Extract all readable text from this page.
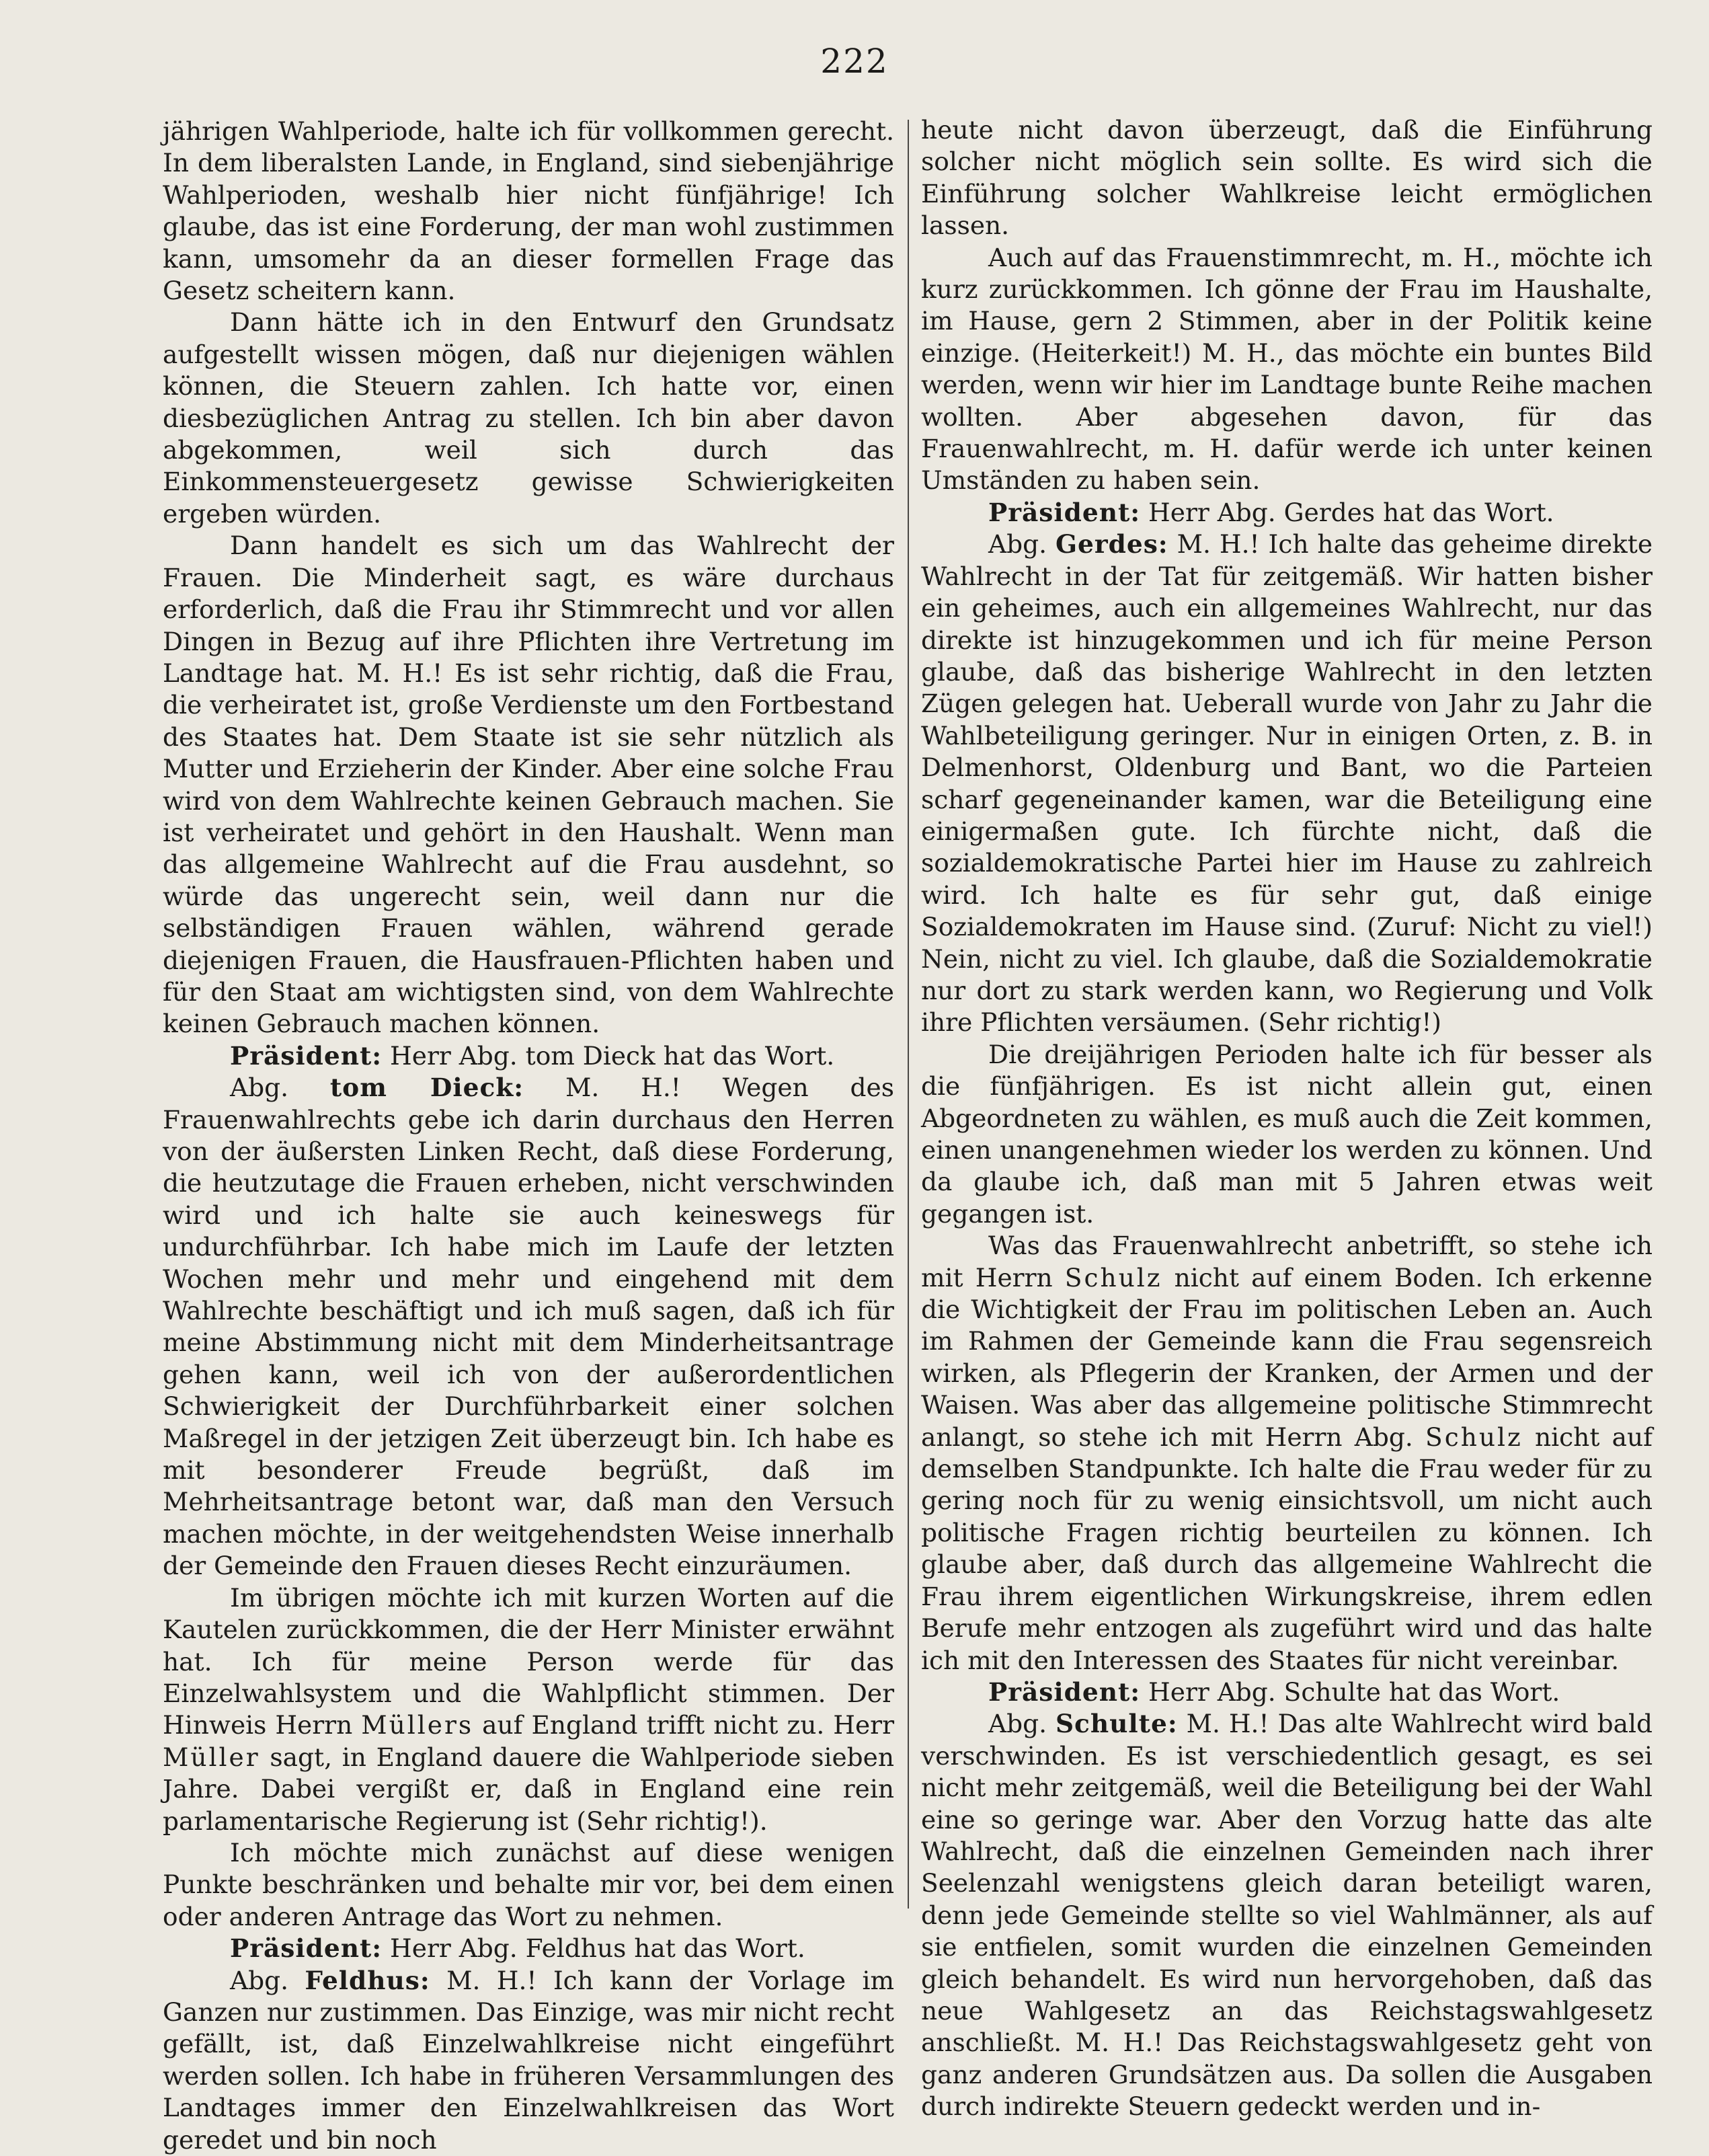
222

jährigen Wahlperiode, halte ich für vollkommen gerecht. In dem liberalsten Lande, in England, sind siebenjährige Wahlperioden, weshalb hier nicht fünfjährige! Ich glaube, das ist eine Forderung, der man wohl zustimmen kann, umsomehr da an dieser formellen Frage das Gesetz scheitern kann.

Dann hätte ich in den Entwurf den Grundsatz aufgestellt wissen mögen, daß nur diejenigen wählen können, die Steuern zahlen. Ich hatte vor, einen diesbezüglichen Antrag zu stellen. Ich bin aber davon abgekommen, weil sich durch das Einkommensteuergesetz gewisse Schwierigkeiten ergeben würden.

Dann handelt es sich um das Wahlrecht der Frauen. Die Minderheit sagt, es wäre durchaus erforderlich, daß die Frau ihr Stimmrecht und vor allen Dingen in Bezug auf ihre Pflichten ihre Vertretung im Landtage hat. M. H.! Es ist sehr richtig, daß die Frau, die verheiratet ist, große Verdienste um den Fortbestand des Staates hat. Dem Staate ist sie sehr nützlich als Mutter und Erzieherin der Kinder. Aber eine solche Frau wird von dem Wahlrechte keinen Gebrauch machen. Sie ist verheiratet und gehört in den Haushalt. Wenn man das allgemeine Wahlrecht auf die Frau ausdehnt, so würde das ungerecht sein, weil dann nur die selbständigen Frauen wählen, während gerade diejenigen Frauen, die Hausfrauen-Pflichten haben und für den Staat am wichtigsten sind, von dem Wahlrechte keinen Gebrauch machen können.

Präsident: Herr Abg. tom Dieck hat das Wort.

Abg. tom Dieck: M. H.! Wegen des Frauenwahlrechts gebe ich darin durchaus den Herren von der äußersten Linken Recht, daß diese Forderung, die heutzutage die Frauen erheben, nicht verschwinden wird und ich halte sie auch keineswegs für undurchführbar. Ich habe mich im Laufe der letzten Wochen mehr und mehr und eingehend mit dem Wahlrechte beschäftigt und ich muß sagen, daß ich für meine Abstimmung nicht mit dem Minderheitsantrage gehen kann, weil ich von der außerordentlichen Schwierigkeit der Durchführbarkeit einer solchen Maßregel in der jetzigen Zeit überzeugt bin. Ich habe es mit besonderer Freude begrüßt, daß im Mehrheitsantrage betont war, daß man den Versuch machen möchte, in der weitgehendsten Weise innerhalb der Gemeinde den Frauen dieses Recht einzuräumen.

Im übrigen möchte ich mit kurzen Worten auf die Kautelen zurückkommen, die der Herr Minister erwähnt hat. Ich für meine Person werde für das Einzelwahlsystem und die Wahlpflicht stimmen. Der Hinweis Herrn Müllers auf England trifft nicht zu. Herr Müller sagt, in England dauere die Wahlperiode sieben Jahre. Dabei vergißt er, daß in England eine rein parlamentarische Regierung ist (Sehr richtig!).

Ich möchte mich zunächst auf diese wenigen Punkte beschränken und behalte mir vor, bei dem einen oder anderen Antrage das Wort zu nehmen.

Präsident: Herr Abg. Feldhus hat das Wort.

Abg. Feldhus: M. H.! Ich kann der Vorlage im Ganzen nur zustimmen. Das Einzige, was mir nicht recht gefällt, ist, daß Einzelwahlkreise nicht eingeführt werden sollen. Ich habe in früheren Versammlungen des Landtages immer den Einzelwahlkreisen das Wort geredet und bin noch

heute nicht davon überzeugt, daß die Einführung solcher nicht möglich sein sollte. Es wird sich die Einführung solcher Wahlkreise leicht ermöglichen lassen.

Auch auf das Frauenstimmrecht, m. H., möchte ich kurz zurückkommen. Ich gönne der Frau im Haushalte, im Hause, gern 2 Stimmen, aber in der Politik keine einzige. (Heiterkeit!) M. H., das möchte ein buntes Bild werden, wenn wir hier im Landtage bunte Reihe machen wollten. Aber abgesehen davon, für das Frauenwahlrecht, m. H. dafür werde ich unter keinen Umständen zu haben sein.

Präsident: Herr Abg. Gerdes hat das Wort.

Abg. Gerdes: M. H.! Ich halte das geheime direkte Wahlrecht in der Tat für zeitgemäß. Wir hatten bisher ein geheimes, auch ein allgemeines Wahlrecht, nur das direkte ist hinzugekommen und ich für meine Person glaube, daß das bisherige Wahlrecht in den letzten Zügen gelegen hat. Ueberall wurde von Jahr zu Jahr die Wahlbeteiligung geringer. Nur in einigen Orten, z. B. in Delmenhorst, Oldenburg und Bant, wo die Parteien scharf gegeneinander kamen, war die Beteiligung eine einigermaßen gute. Ich fürchte nicht, daß die sozialdemokratische Partei hier im Hause zu zahlreich wird. Ich halte es für sehr gut, daß einige Sozialdemokraten im Hause sind. (Zuruf: Nicht zu viel!) Nein, nicht zu viel. Ich glaube, daß die Sozialdemokratie nur dort zu stark werden kann, wo Regierung und Volk ihre Pflichten versäumen. (Sehr richtig!)

Die dreijährigen Perioden halte ich für besser als die fünfjährigen. Es ist nicht allein gut, einen Abgeordneten zu wählen, es muß auch die Zeit kommen, einen unangenehmen wieder los werden zu können. Und da glaube ich, daß man mit 5 Jahren etwas weit gegangen ist.

Was das Frauenwahlrecht anbetrifft, so stehe ich mit Herrn Schulz nicht auf einem Boden. Ich erkenne die Wichtigkeit der Frau im politischen Leben an. Auch im Rahmen der Gemeinde kann die Frau segensreich wirken, als Pflegerin der Kranken, der Armen und der Waisen. Was aber das allgemeine politische Stimmrecht anlangt, so stehe ich mit Herrn Abg. Schulz nicht auf demselben Standpunkte. Ich halte die Frau weder für zu gering noch für zu wenig einsichtsvoll, um nicht auch politische Fragen richtig beurteilen zu können. Ich glaube aber, daß durch das allgemeine Wahlrecht die Frau ihrem eigentlichen Wirkungskreise, ihrem edlen Berufe mehr entzogen als zugeführt wird und das halte ich mit den Interessen des Staates für nicht vereinbar.

Präsident: Herr Abg. Schulte hat das Wort.

Abg. Schulte: M. H.! Das alte Wahlrecht wird bald verschwinden. Es ist verschiedentlich gesagt, es sei nicht mehr zeitgemäß, weil die Beteiligung bei der Wahl eine so geringe war. Aber den Vorzug hatte das alte Wahlrecht, daß die einzelnen Gemeinden nach ihrer Seelenzahl wenigstens gleich daran beteiligt waren, denn jede Gemeinde stellte so viel Wahlmänner, als auf sie entfielen, somit wurden die einzelnen Gemeinden gleich behandelt. Es wird nun hervorgehoben, daß das neue Wahlgesetz an das Reichstagswahlgesetz anschließt. M. H.! Das Reichstagswahlgesetz geht von ganz anderen Grundsätzen aus. Da sollen die Ausgaben durch indirekte Steuern gedeckt werden und in-
